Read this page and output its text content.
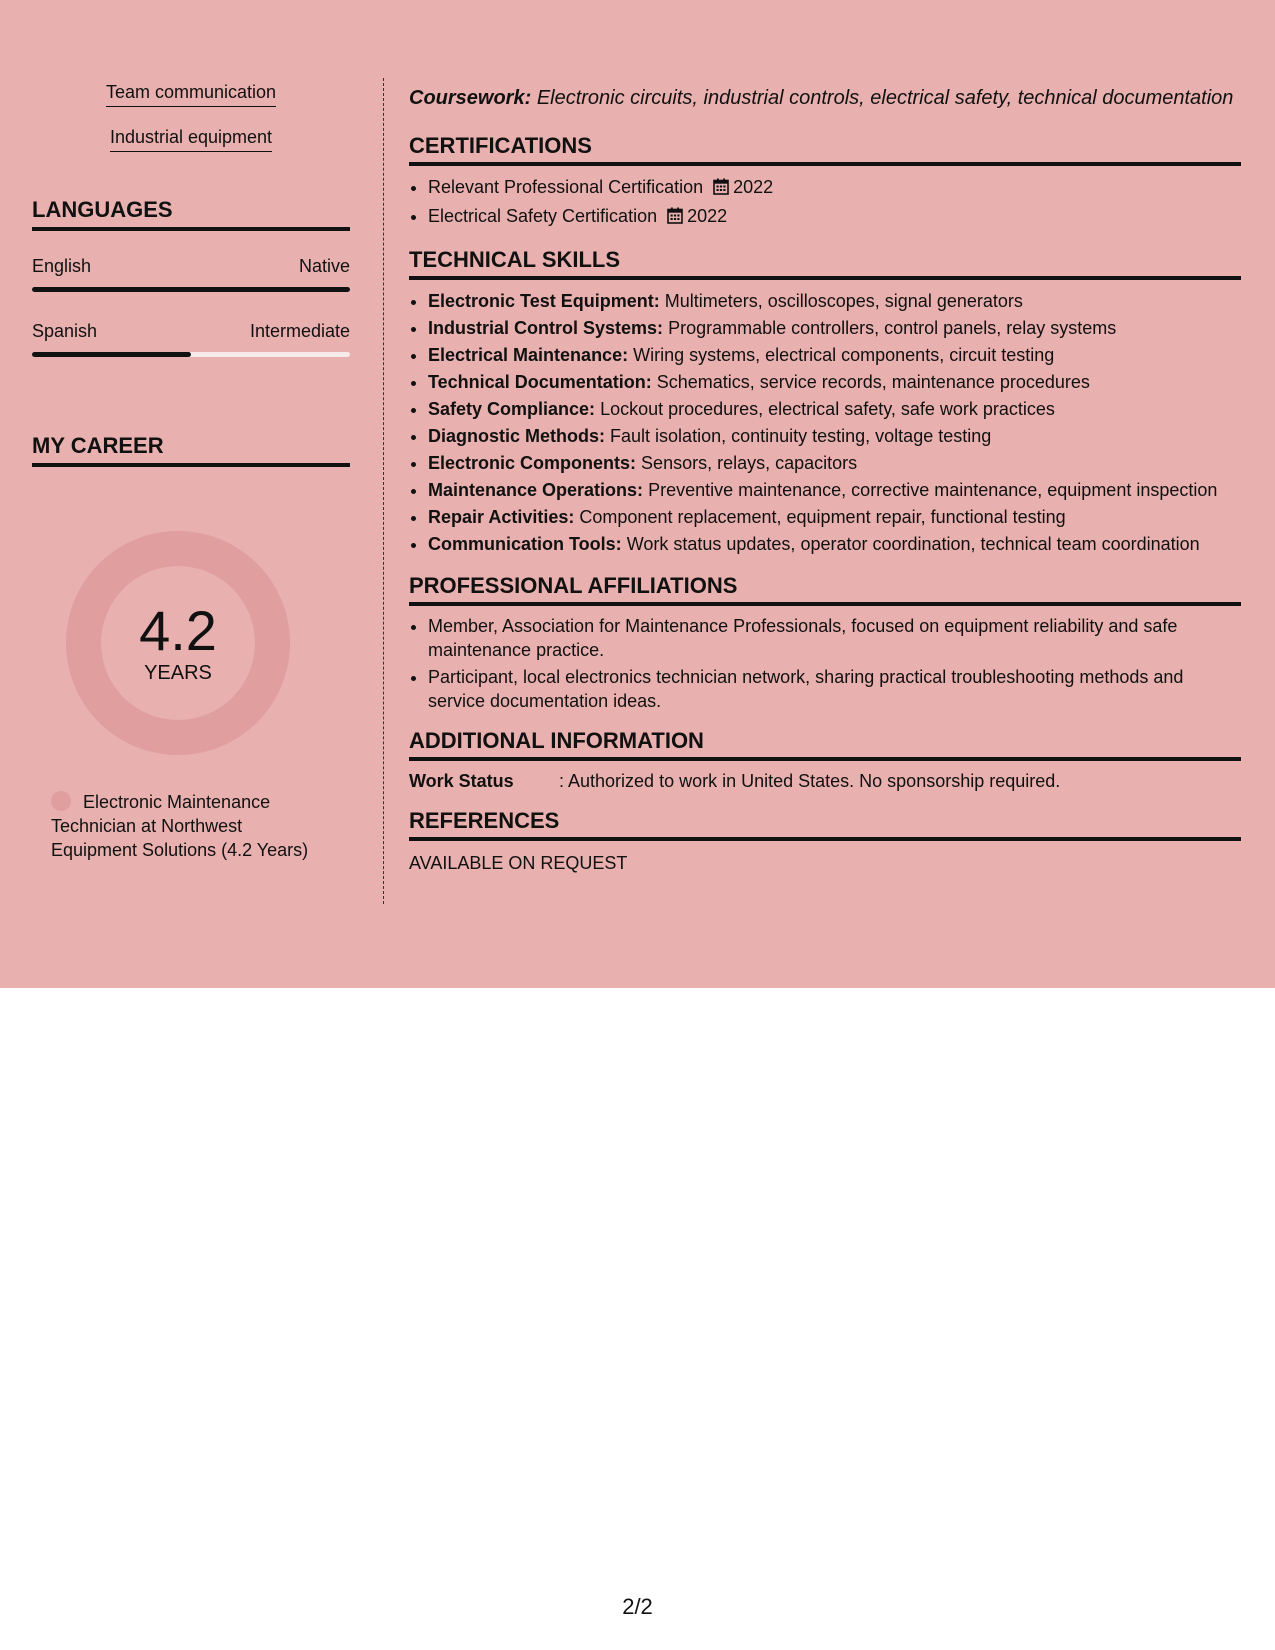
Team communication
Industrial equipment
LANGUAGES
English	Native
Spanish	Intermediate
MY CAREER
4.2
YEARS
Electronic Maintenance Technician at Northwest Equipment Solutions (4.2 Years)

Coursework: Electronic circuits, industrial controls, electrical safety, technical documentation

CERTIFICATIONS
• Relevant Professional Certification 2022
• Electrical Safety Certification 2022
TECHNICAL SKILLS
• Electronic Test Equipment: Multimeters, oscilloscopes, signal generators
• Industrial Control Systems: Programmable controllers, control panels, relay systems
• Electrical Maintenance: Wiring systems, electrical components, circuit testing
• Technical Documentation: Schematics, service records, maintenance procedures
• Safety Compliance: Lockout procedures, electrical safety, safe work practices
• Diagnostic Methods: Fault isolation, continuity testing, voltage testing
• Electronic Components: Sensors, relays, capacitors
• Maintenance Operations: Preventive maintenance, corrective maintenance, equipment inspection
• Repair Activities: Component replacement, equipment repair, functional testing
• Communication Tools: Work status updates, operator coordination, technical team coordination
PROFESSIONAL AFFILIATIONS
• Member, Association for Maintenance Professionals, focused on equipment reliability and safe maintenance practice.
• Participant, local electronics technician network, sharing practical troubleshooting methods and service documentation ideas.
ADDITIONAL INFORMATION
Work Status	: Authorized to work in United States. No sponsorship required.
REFERENCES
AVAILABLE ON REQUEST
2/2
